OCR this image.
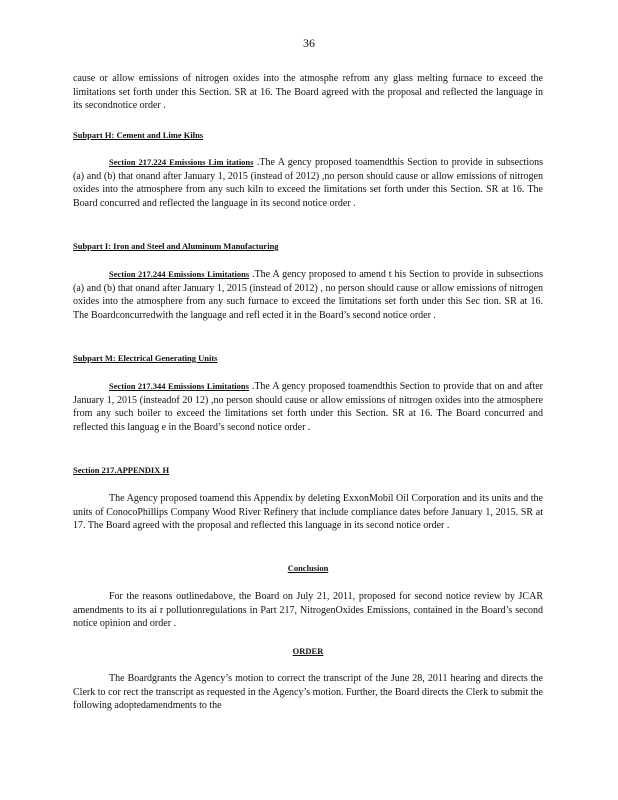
36
cause or allow emissions of nitrogen oxides into the atmosphe refrom any glass melting furnace to exceed the limitations set forth under this Section. SR at 16. The Board agreed with the proposal and reflected the language in its secondnotice order .
Subpart H: Cement and Lime Kilns
Section 217.224 Emissions Lim itations .The A gency proposed toamendthis Section to provide in subsections (a) and (b) that onand after January 1, 2015 (instead of 2012) ,no person should cause or allow emissions of nitrogen oxides into the atmosphere from any such kiln to exceed the limitations set forth under this Section. SR at 16. The Board concurred and reflected the language in its second notice order .
Subpart I: Iron and Steel and Aluminum Manufacturing
Section 217.244 Emissions Limitations .The A gency proposed to amend t his Section to provide in subsections (a) and (b) that onand after January 1, 2015 (instead of 2012) , no person should cause or allow emissions of nitrogen oxides into the atmosphere from any such furnace to exceed the limitations set forth under this Sec tion. SR at 16. The Boardconcurredwith the language and refl ected it in the Board’s second notice order .
Subpart M: Electrical Generating Units
Section 217.344 Emissions Limitations .The A gency proposed toamendthis Section to provide that on and after January 1, 2015 (insteadof 20 12) ,no person should cause or allow emissions of nitrogen oxides into the atmosphere from any such boiler to exceed the limitations set forth under this Section. SR at 16. The Board concurred and reflected this languag e in the Board’s second notice order .
Section 217.APPENDIX H
The Agency proposed toamend this Appendix by deleting ExxonMobil Oil Corporation and its units and the units of ConocoPhillips Company Wood River Refinery that include compliance dates before January 1, 2015. SR at 17. The Board agreed with the proposal and reflected this language in its second notice order .
Conclusion
For the reasons outlinedabove, the Board on July 21, 2011, proposed for second notice review by JCAR amendments to its ai r pollutionregulations in Part 217, NitrogenOxides Emissions, contained in the Board’s second notice opinion and order .
ORDER
The Boardgrants the Agency’s motion to correct the transcript of the June 28, 2011 hearing and directs the Clerk to cor rect the transcript as requested in the Agency’s motion. Further, the Board directs the Clerk to submit the following adoptedamendments to the
